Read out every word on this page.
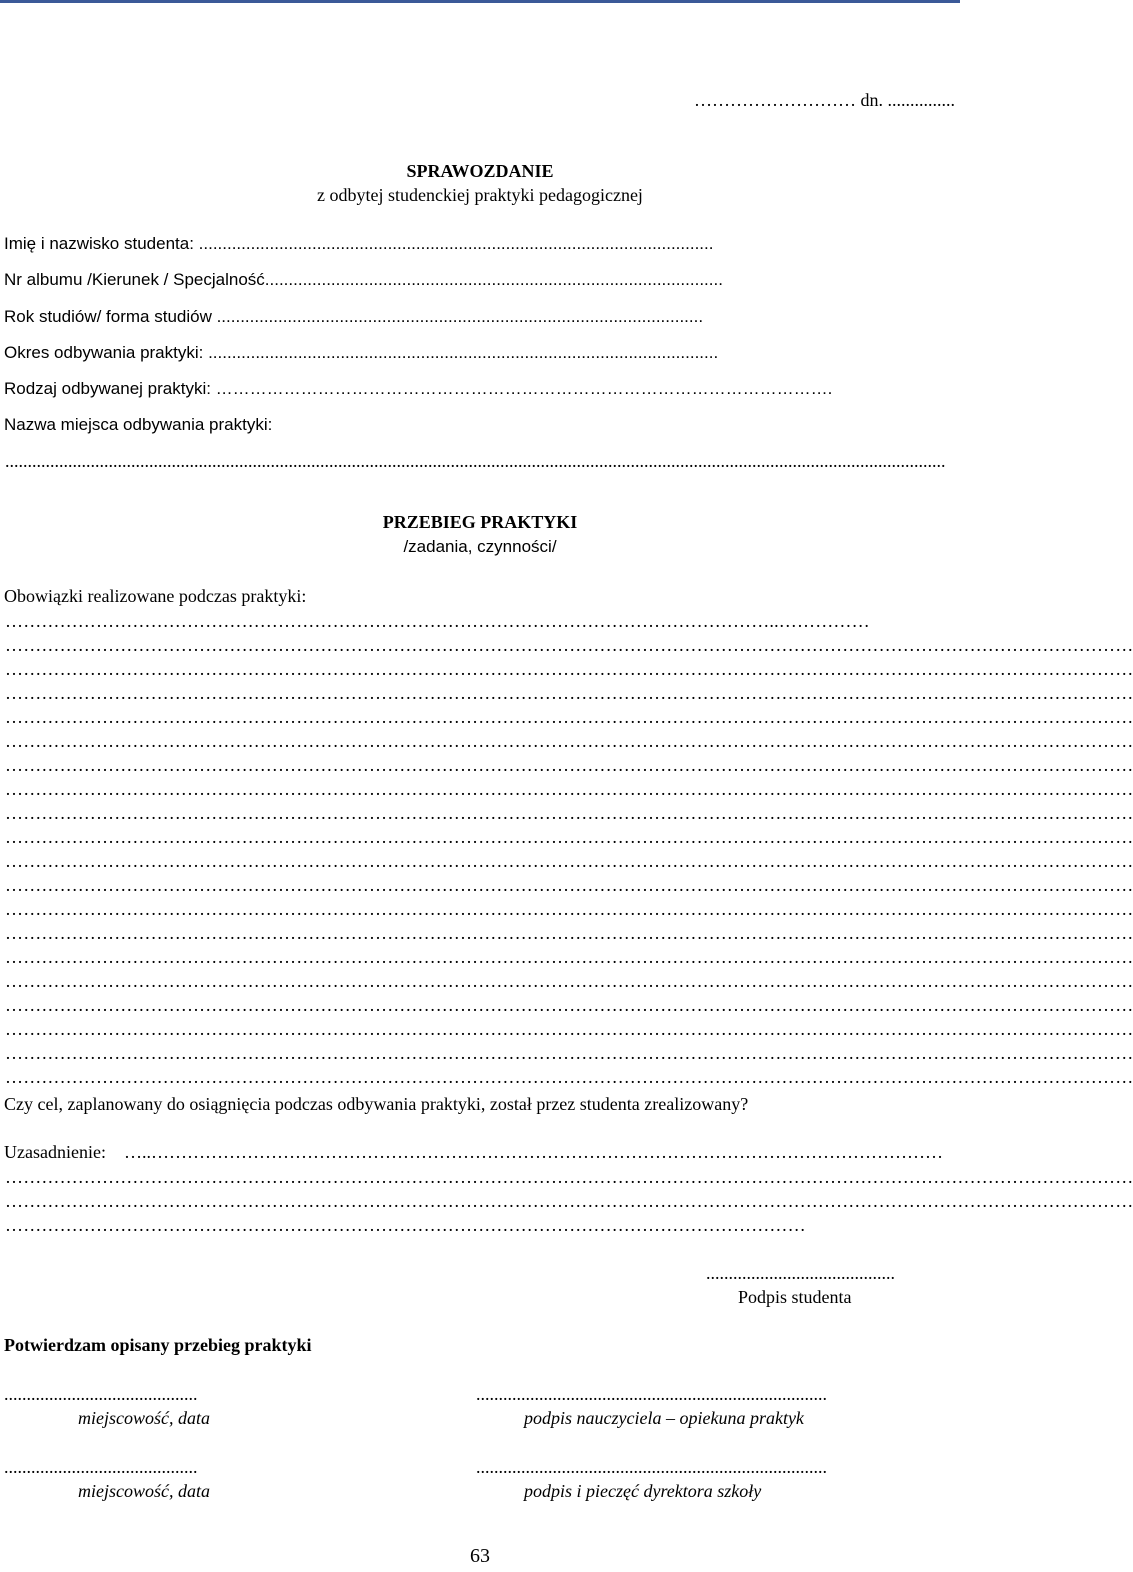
……………………… dn. ...............
SPRAWOZDANIE
z odbytej studenckiej praktyki pedagogicznej
Imię i nazwisko studenta: .............................................................................................................
Nr albumu /Kierunek / Specjalność.................................................................................................
Rok studiów/ forma studiów .......................................................................................................
Okres odbywania praktyki: ............................................................................................................
Rodzaj odbywanej praktyki: ……………………………………………………………………………………………….
Nazwa miejsca odbywania praktyki:
.................................................................................................................................................................................................................
PRZEBIEG PRAKTYKI
/zadania, czynności/
Obowiązki realizowane podczas praktyki:
………………………………………………………………………………………………………………..……………
……………………………………………………………………………………………………………………………………………………………………
……………………………………………………………………………………………………………………………………………………………………
……………………………………………………………………………………………………………………………………………………………………
……………………………………………………………………………………………………………………………………………………………………
……………………………………………………………………………………………………………………………………………………………………
……………………………………………………………………………………………………………………………………………………………………
……………………………………………………………………………………………………………………………………………………………………
……………………………………………………………………………………………………………………………………………………………………
……………………………………………………………………………………………………………………………………………………………………
……………………………………………………………………………………………………………………………………………………………………
……………………………………………………………………………………………………………………………………………………………………
……………………………………………………………………………………………………………………………………………………………………
……………………………………………………………………………………………………………………………………………………………………
……………………………………………………………………………………………………………………………………………………………………
……………………………………………………………………………………………………………………………………………………………………
……………………………………………………………………………………………………………………………………………………………………
……………………………………………………………………………………………………………………………………………………………………
……………………………………………………………………………………………………………………………………………………………………
……………………………………………………………………………………………………………………………………………………………………
Czy cel, zaplanowany do osiągnięcia podczas odbywania praktyki, został przez studenta zrealizowany?
Uzasadnienie: …..……………………………………………………………………………………………………………………
……………………………………………………………………………………………………………………………………………………………………
……………………………………………………………………………………………………………………………………………………………………
……………………………………………………………………………………………………………………
..........................................
Podpis studenta
Potwierdzam opisany przebieg praktyki
...........................................	..............................................................................
miejscowość, data	podpis nauczyciela – opiekuna praktyk
...........................................	..............................................................................
miejscowość, data	podpis i pieczęć dyrektora szkoły
63
